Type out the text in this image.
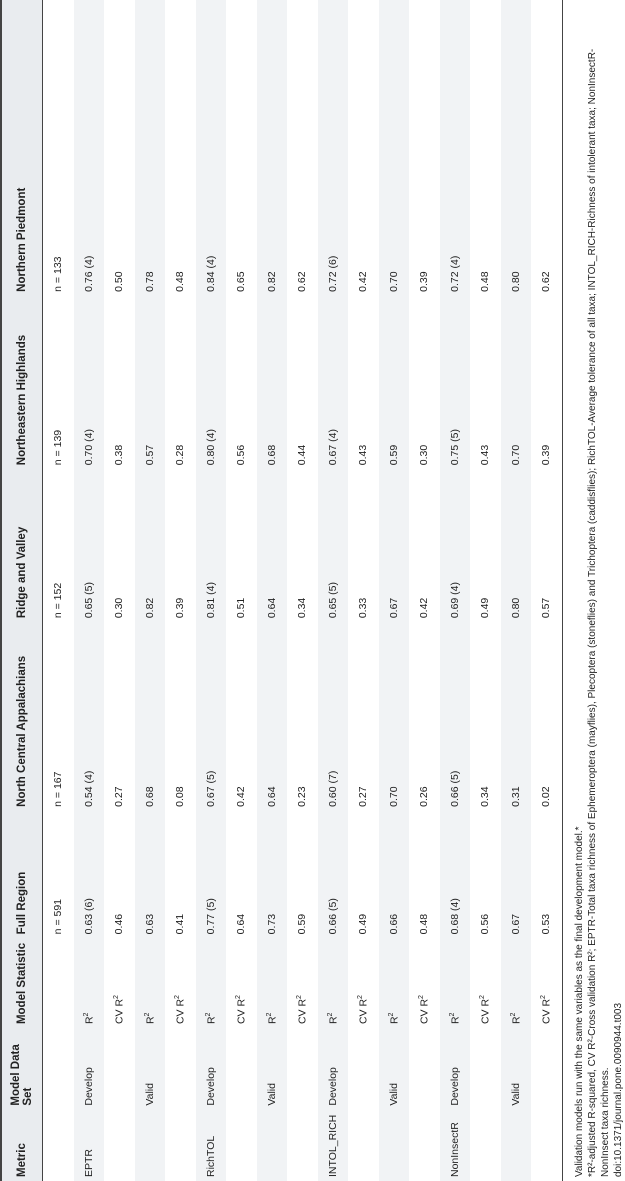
Metric	Model Data Set	Model Statistic	Full Region	North Central Appalachians	Ridge and Valley	Northeastern Highlands	Northern Piedmont
			n = 591	n = 167	n = 152	n = 139	n = 133
EPTR	Develop	$R^2$	0.63 (6)	0.54 (4)	0.65 (5)	0.70 (4)	0.76 (4)
		CV $R^2$	0.46	0.27	0.30	0.38	0.50
	Valid	$R^2$	0.63	0.68	0.82	0.57	0.78
		CV $R^2$	0.41	0.08	0.39	0.28	0.48
RichTOL	Develop	$R^2$	0.77 (5)	0.67 (5)	0.81 (4)	0.80 (4)	0.84 (4)
		CV $R^2$	0.64	0.42	0.51	0.56	0.65
	Valid	$R^2$	0.73	0.64	0.64	0.68	0.82
		CV $R^2$	0.59	0.23	0.34	0.44	0.62
INTOL_RICH	Develop	$R^2$	0.66 (5)	0.60 (7)	0.65 (5)	0.67 (4)	0.72 (6)
		CV $R^2$	0.49	0.27	0.33	0.43	0.42
	Valid	$R^2$	0.66	0.70	0.67	0.59	0.70
		CV $R^2$	0.48	0.26	0.42	0.30	0.39
NonInsectR	Develop	$R^2$	0.68 (4)	0.66 (5)	0.69 (4)	0.75 (5)	0.72 (4)
		CV $R^2$	0.56	0.34	0.49	0.43	0.48
	Valid	$R^2$	0.67	0.31	0.80	0.70	0.80
		CV $R^2$	0.53	0.02	0.57	0.39	0.62
Validation models run with the same variables as the final development model.* *R²-adjusted R-squared, CV R²-Cross validation R²; EPTR-Total taxa richness of Ephemeroptera (mayflies), Plecoptera (stoneflies) and Trichoptera (caddisflies); RichTOL-Average tolerance of all taxa; INTOL_RICH-Richness of intolerant taxa; NonInsectR-NonInsect taxa richness. doi:10.1371/journal.pone.0090944.t003
